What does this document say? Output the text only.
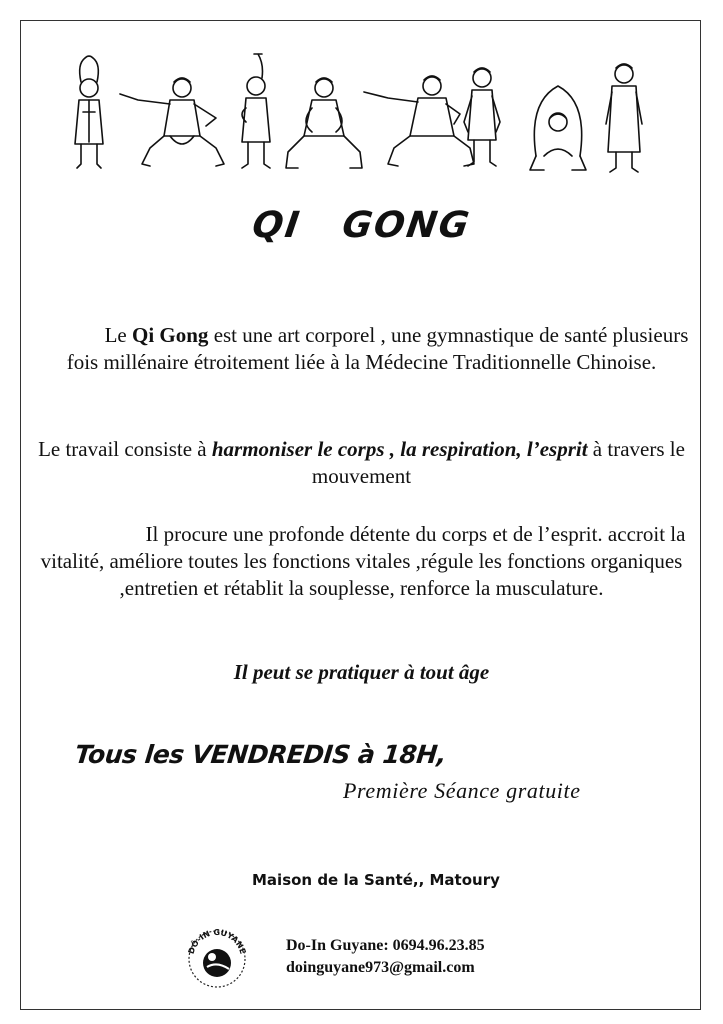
QI GONG

Le Qi Gong est une art corporel , une gymnastique de santé plusieurs fois millénaire étroitement liée à la Médecine Traditionnelle Chinoise.

Le travail consiste à harmoniser le corps , la respiration, l’esprit à travers le mouvement

Il procure une profonde détente du corps et de l’esprit. accroit la vitalité, améliore toutes les fonctions vitales ,régule les fonctions organiques ,entretien et rétablit la souplesse, renforce la musculature.

Il peut se pratiquer à tout âge

Tous les VENDREDIS à 18H,
Première Séance gratuite
Maison de la Santé,, Matoury
DÔ-IN GUYANE Do-In Guyane: 0694.96.23.85
doinguyane973@gmail.com
